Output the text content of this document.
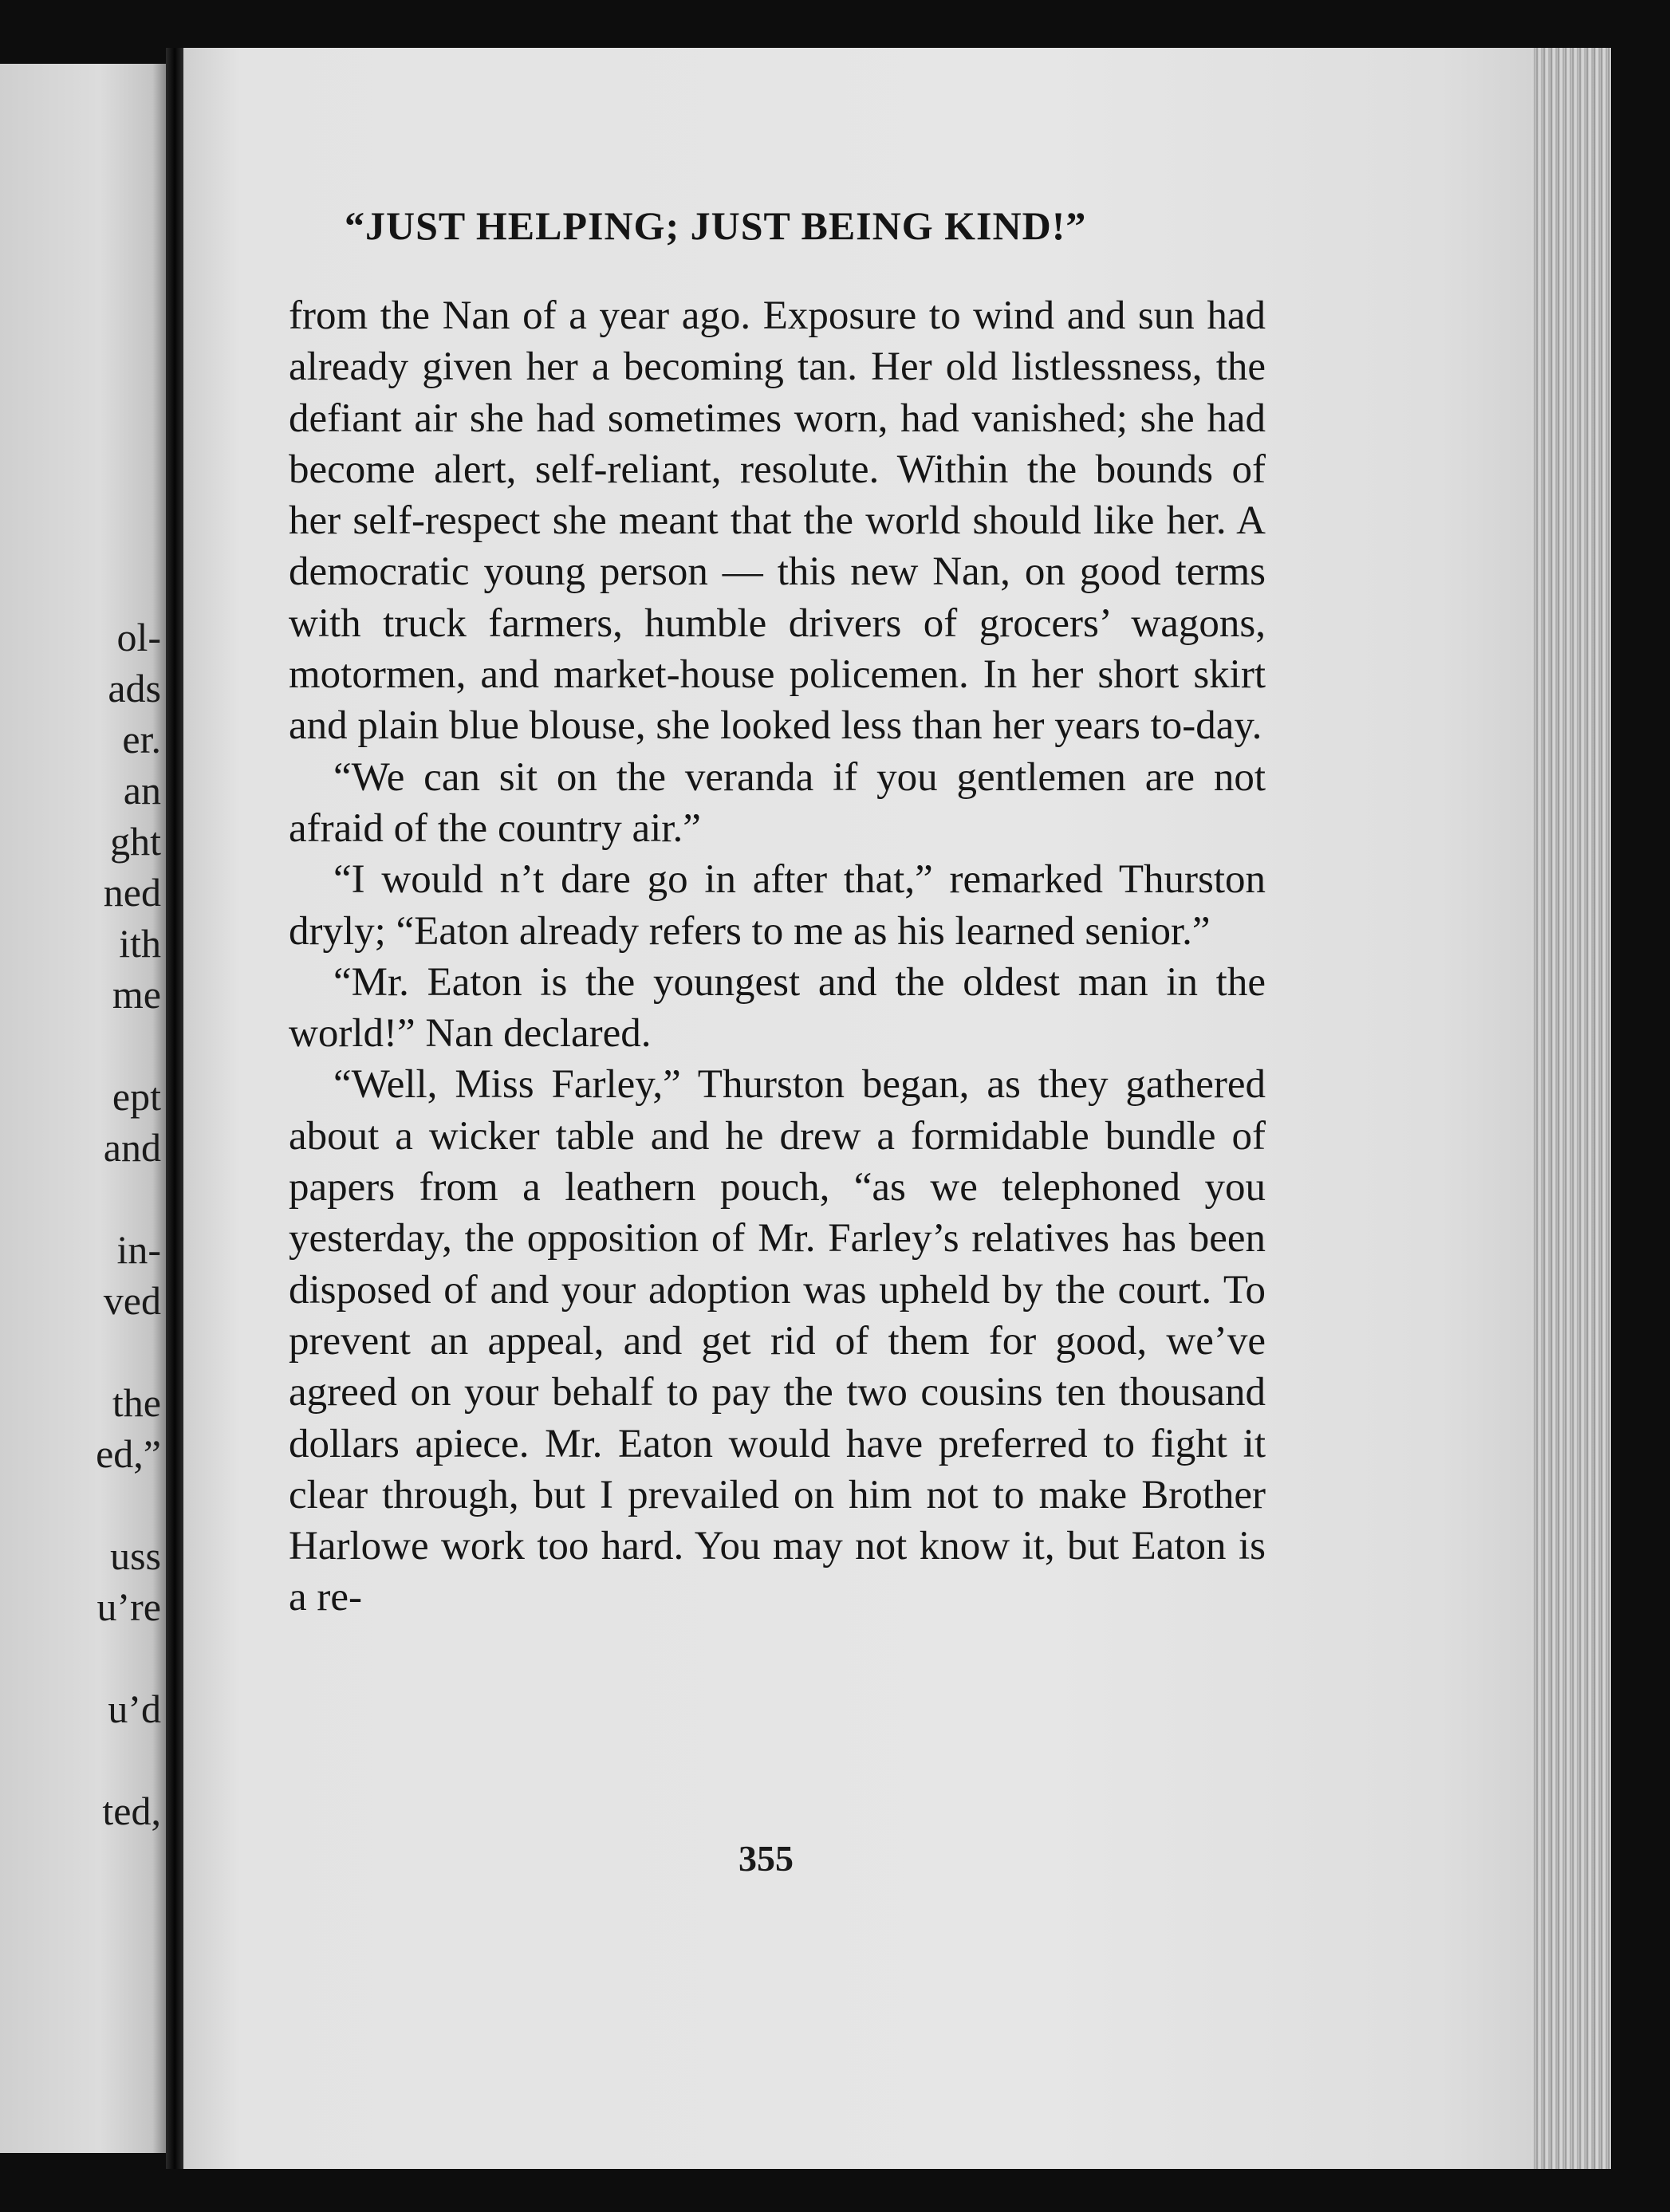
ol-
ads
er.
an
ght
ned
ith
me
ept
and
in-
ved
the
ed,”
uss
u’re
u’d
ted,
“JUST HELPING; JUST BEING KIND!”

from the Nan of a year ago. Exposure to wind and sun had already given her a becoming tan. Her old listlessness, the defiant air she had sometimes worn, had vanished; she had become alert, self-reliant, resolute. Within the bounds of her self-respect she meant that the world should like her. A democratic young person — this new Nan, on good terms with truck farmers, humble drivers of grocers’ wagons, motormen, and market-house policemen. In her short skirt and plain blue blouse, she looked less than her years to-day.

“We can sit on the veranda if you gentlemen are not afraid of the country air.”

“I would n’t dare go in after that,” remarked Thurston dryly; “Eaton already refers to me as his learned senior.”

“Mr. Eaton is the youngest and the oldest man in the world!” Nan declared.

“Well, Miss Farley,” Thurston began, as they gathered about a wicker table and he drew a formidable bundle of papers from a leathern pouch, “as we telephoned you yesterday, the opposition of Mr. Farley’s relatives has been disposed of and your adoption was upheld by the court. To prevent an appeal, and get rid of them for good, we’ve agreed on your behalf to pay the two cousins ten thousand dollars apiece. Mr. Eaton would have preferred to fight it clear through, but I prevailed on him not to make Brother Harlowe work too hard. You may not know it, but Eaton is a re-

355
